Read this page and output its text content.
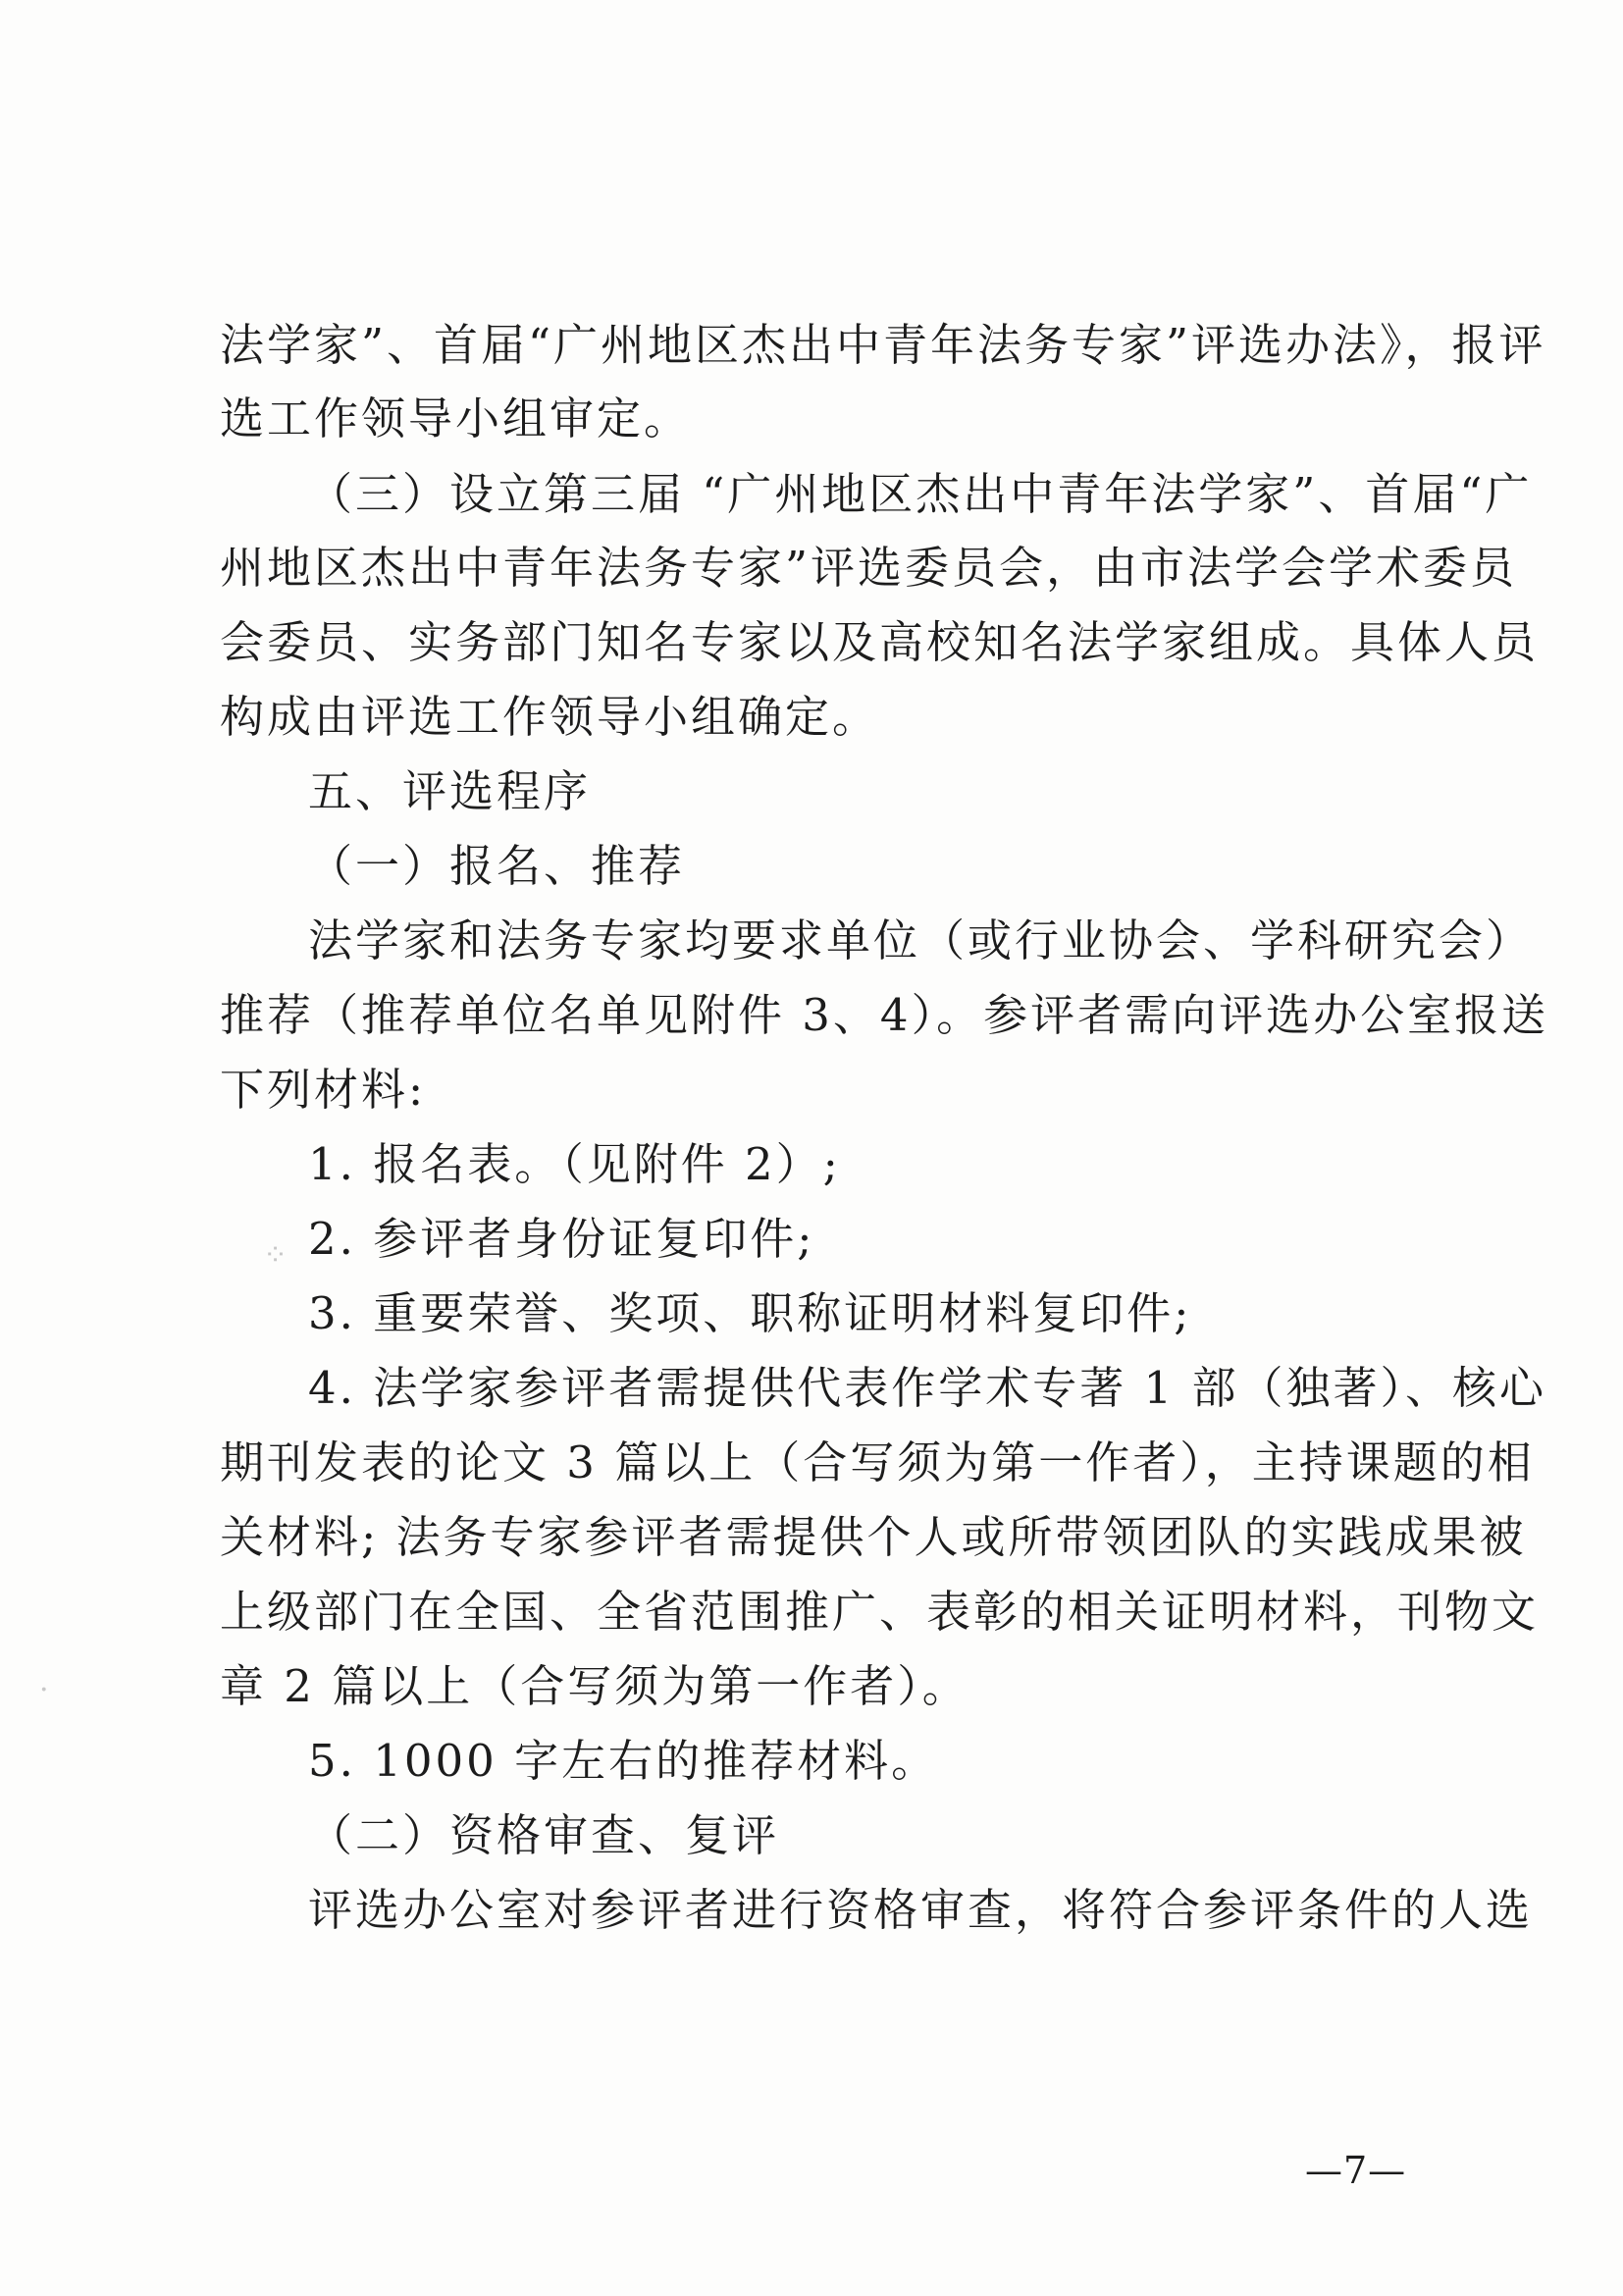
法学家”、首届“广州地区杰出中青年法务专家”评选办法》，报评
选工作领导小组审定。
（三）设立第三届 “广州地区杰出中青年法学家”、首届“广
州地区杰出中青年法务专家”评选委员会，由市法学会学术委员
会委员、实务部门知名专家以及高校知名法学家组成。具体人员
构成由评选工作领导小组确定。
五、评选程序
（一）报名、推荐
法学家和法务专家均要求单位（或行业协会、学科研究会）
推荐（推荐单位名单见附件 3、4）。参评者需向评选办公室报送
下列材料:
1. 报名表。（见附件 2）;
2. 参评者身份证复印件;
3. 重要荣誉、奖项、职称证明材料复印件;
4. 法学家参评者需提供代表作学术专著 1 部（独著）、核心
期刊发表的论文 3 篇以上（合写须为第一作者），主持课题的相
关材料; 法务专家参评者需提供个人或所带领团队的实践成果被
上级部门在全国、全省范围推广、表彰的相关证明材料，刊物文
章 2 篇以上（合写须为第一作者）。
5. 1000 字左右的推荐材料。
（二）资格审查、复评
评选办公室对参评者进行资格审查，将符合参评条件的人选
—7—
⁘
·
